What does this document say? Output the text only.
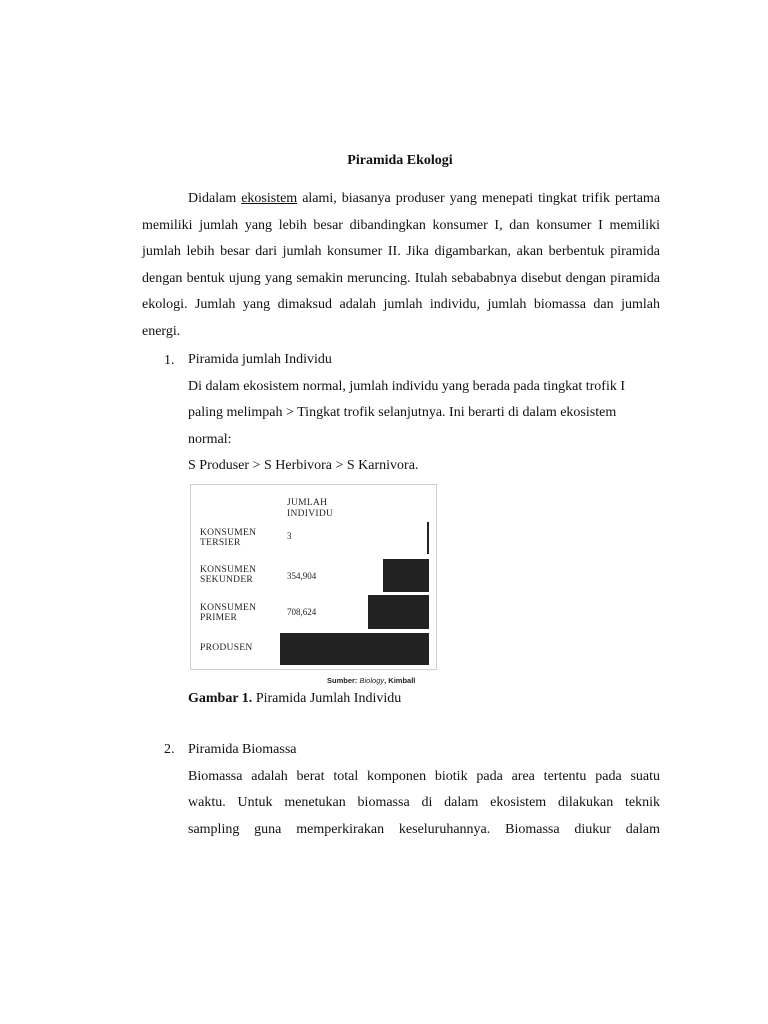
Piramida Ekologi

Didalam ekosistem alami, biasanya produser yang menepati tingkat trifik pertama memiliki jumlah yang lebih besar dibandingkan konsumer I, dan konsumer I memiliki jumlah lebih besar dari jumlah konsumer II. Jika digambarkan, akan berbentuk piramida dengan bentuk ujung yang semakin meruncing. Itulah sebababnya disebut dengan piramida ekologi. Jumlah yang dimaksud adalah jumlah individu, jumlah biomassa dan jumlah energi.

1. Piramida jumlah Individu
Di dalam ekosistem normal, jumlah individu yang berada pada tingkat trofik I
paling melimpah > Tingkat trofik selanjutnya. Ini berarti di dalam ekosistem
normal:
S Produser > S Herbivora > S Karnivora.
JUMLAH
INDIVIDU
KONSUMEN
TERSIER
3
KONSUMEN
SEKUNDER	354,904
KONSUMEN
PRIMER
708,624
PRODUSEN
Sumber: Biology, Kimball
Gambar 1. Piramida Jumlah Individu
2. Piramida Biomassa
Biomassa adalah berat total komponen biotik pada area tertentu pada suatu
waktu. Untuk menetukan biomassa di dalam ekosistem dilakukan teknik
sampling guna memperkirakan keseluruhannya. Biomassa diukur dalam
